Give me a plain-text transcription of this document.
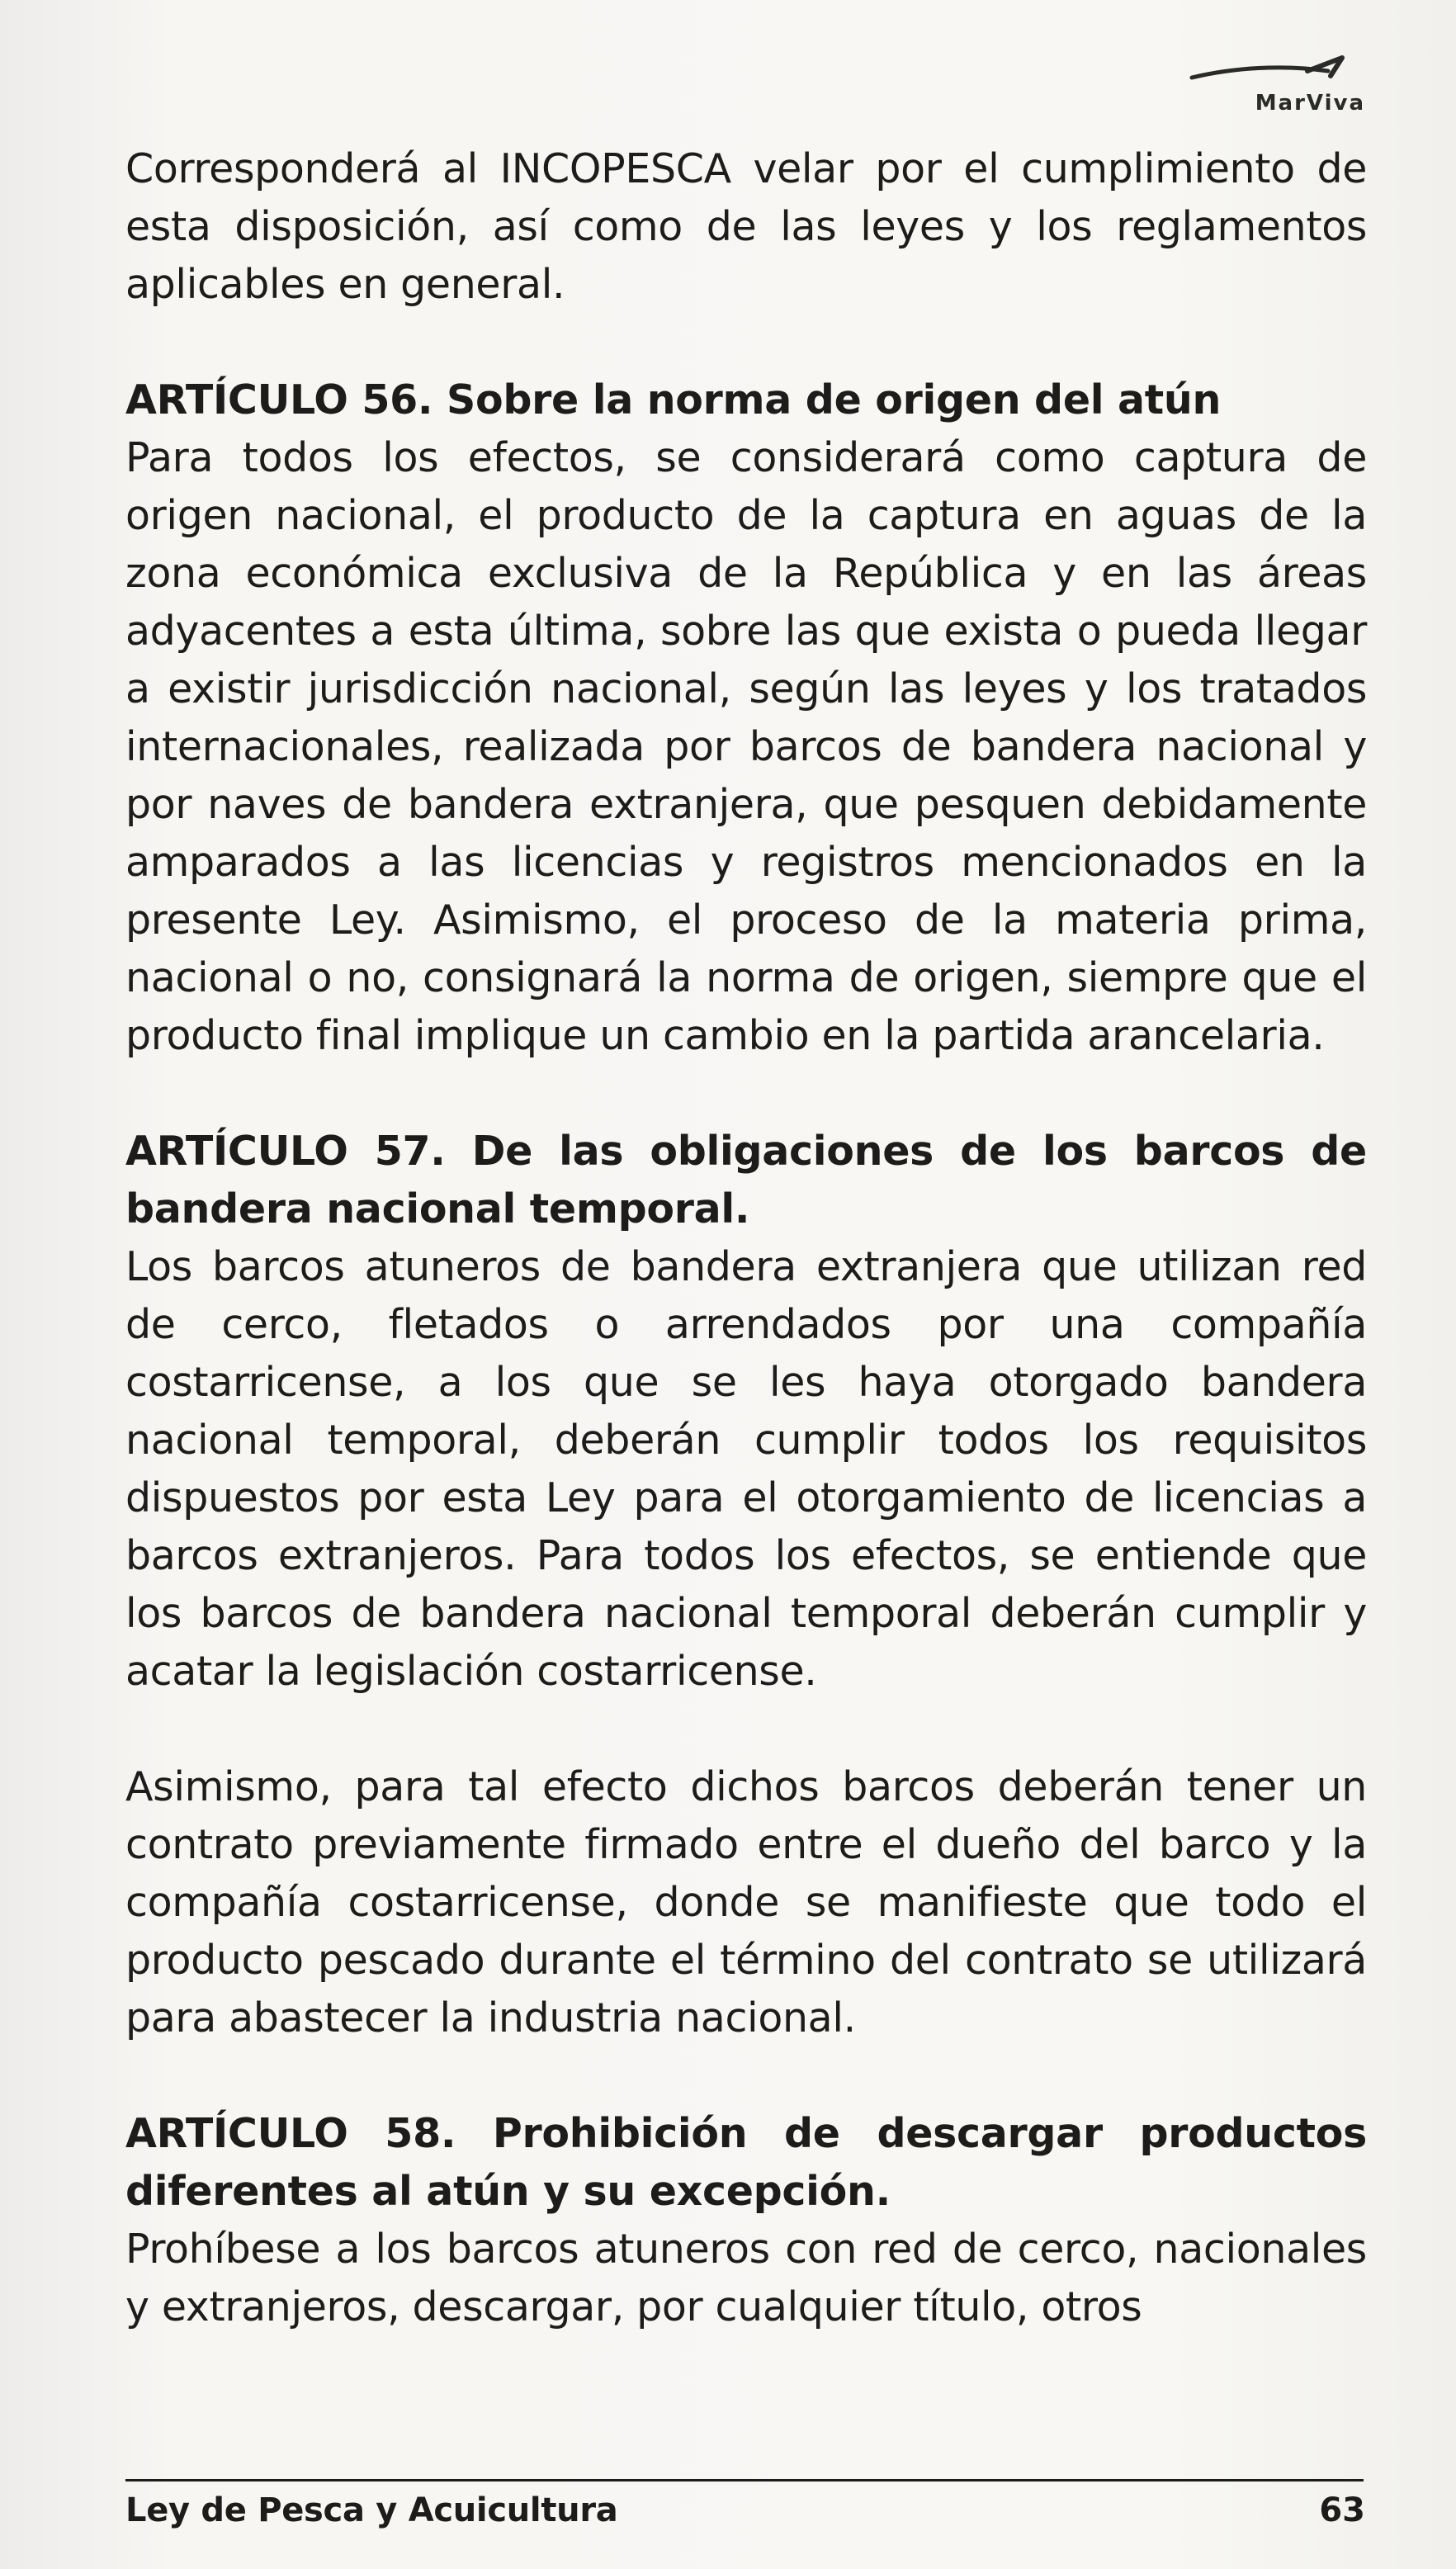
MarViva

Corresponderá al INCOPESCA velar por el cumplimiento de esta disposición, así como de las leyes y los reglamentos aplicables en general.

ARTÍCULO 56. Sobre la norma de origen del atún

Para todos los efectos, se considerará como captura de origen nacional, el producto de la captura en aguas de la zona económica exclusiva de la República y en las áreas adyacentes a esta última, sobre las que exista o pueda llegar a existir jurisdicción nacional, según las leyes y los tratados internacionales, realizada por barcos de bandera nacional y por naves de bandera extranjera, que pesquen debidamente amparados a las licencias y registros mencionados en la presente Ley. Asimismo, el proceso de la materia prima, nacional o no, consignará la norma de origen, siempre que el producto final implique un cambio en la partida arancelaria.

ARTÍCULO 57. De las obligaciones de los barcos de bandera nacional temporal.

Los barcos atuneros de bandera extranjera que utilizan red de cerco, fletados o arrendados por una compañía costarricense, a los que se les haya otorgado bandera nacional temporal, deberán cumplir todos los requisitos dispuestos por esta Ley para el otorgamiento de licencias a barcos extranjeros. Para todos los efectos, se entiende que los barcos de bandera nacional temporal deberán cumplir y acatar la legislación costarricense.

Asimismo, para tal efecto dichos barcos deberán tener un contrato previamente firmado entre el dueño del barco y la compañía costarricense, donde se manifieste que todo el producto pescado durante el término del contrato se utilizará para abastecer la industria nacional.

ARTÍCULO 58. Prohibición de descargar productos diferentes al atún y su excepción.

Prohíbese a los barcos atuneros con red de cerco, nacionales y extranjeros, descargar, por cualquier título, otros

Ley de Pesca y Acuicultura	63
